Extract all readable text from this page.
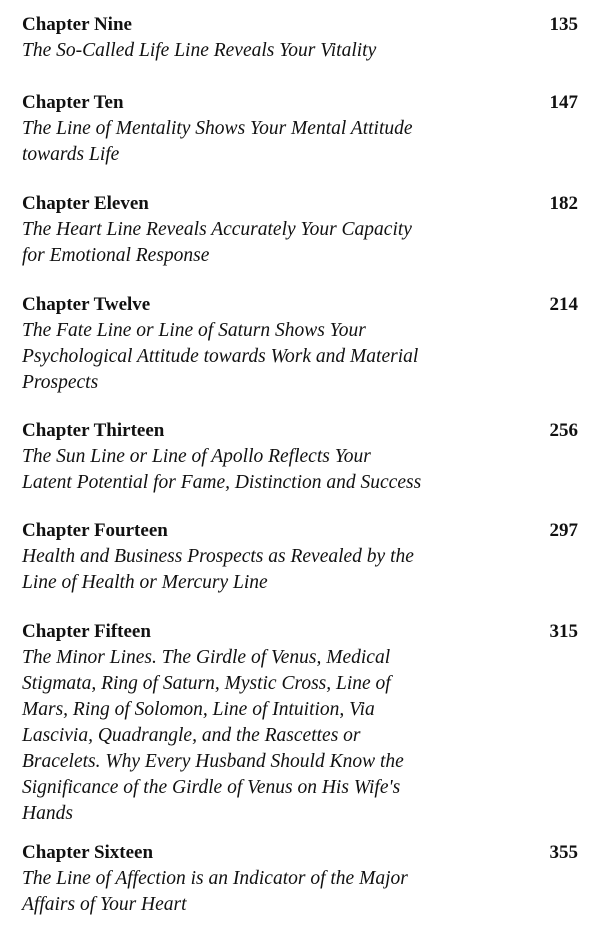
Chapter Nine	135
The So-Called Life Line Reveals Your Vitality
Chapter Ten	147
The Line of Mentality Shows Your Mental Attitude
towards Life
Chapter Eleven	182
The Heart Line Reveals Accurately Your Capacity
for Emotional Response
Chapter Twelve	214
The Fate Line or Line of Saturn Shows Your
Psychological Attitude towards Work and Material
Prospects
Chapter Thirteen	256
The Sun Line or Line of Apollo Reflects Your
Latent Potential for Fame, Distinction and Success
Chapter Fourteen	297
Health and Business Prospects as Revealed by the
Line of Health or Mercury Line
Chapter Fifteen	315
The Minor Lines. The Girdle of Venus, Medical
Stigmata, Ring of Saturn, Mystic Cross, Line of
Mars, Ring of Solomon, Line of Intuition, Via
Lascivia, Quadrangle, and the Rascettes or
Bracelets. Why Every Husband Should Know the
Significance of the Girdle of Venus on His Wife's
Hands
Chapter Sixteen	355
The Line of Affection is an Indicator of the Major
Affairs of Your Heart
